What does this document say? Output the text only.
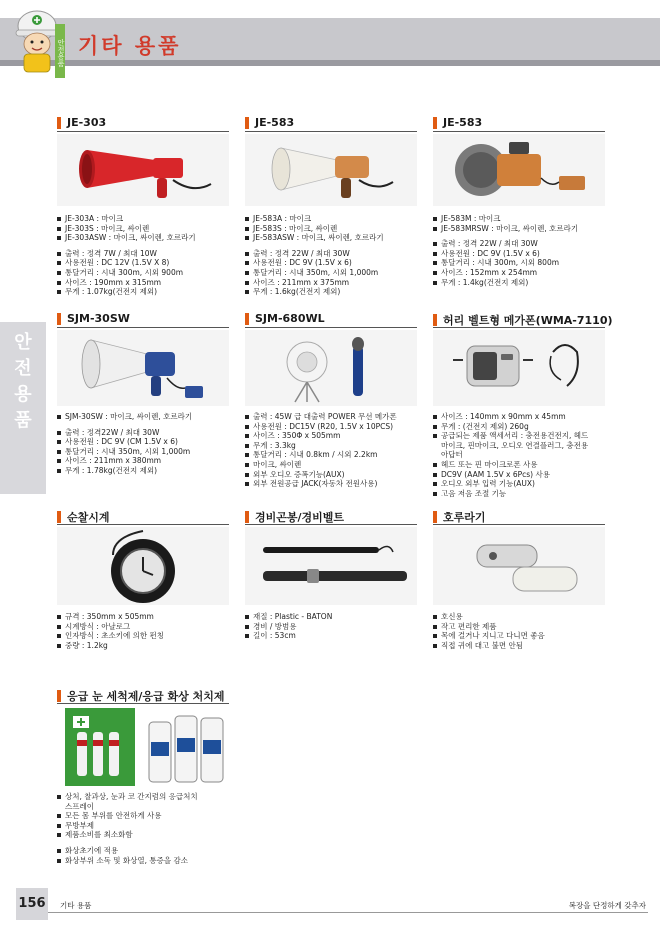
안전용품 기타 용품
안전용품
JE-303
JE-303A : 마이크
JE-303S : 마이크, 싸이렌
JE-303ASW : 마이크, 싸이렌, 호르라기
출력 : 정격 7W / 최대 10W
사용전원 : DC 12V (1.5V X 8)
통달거리 : 시내 300m, 시외 900m
사이즈 : 190mm x 315mm
무게 : 1.07kg(건전지 제외)
JE-583
JE-583A : 마이크
JE-583S : 마이크, 싸이렌
JE-583ASW : 마이크, 싸이렌, 호르라기
출력 : 정격 22W / 최대 30W
사용전원 : DC 9V (1.5V x 6)
통달거리 : 시내 350m, 시외 1,000m
사이즈 : 211mm x 375mm
무게 : 1.6kg(건전지 제외)
JE-583
JE-583M : 마이크
JE-583MRSW : 마이크, 싸이렌, 호르라기
출력 : 정격 22W / 최대 30W
사용전원 : DC 9V (1.5V x 6)
통달거리 : 시내 300m, 시외 800m
사이즈 : 152mm x 254mm
무게 : 1.4kg(건전지 제외)
SJM-30SW
SJM-30SW : 마이크, 싸이렌, 호르라기
출력 : 정격22W / 최대 30W
사용전원 : DC 9V (CM 1.5V x 6)
통달거리 : 시내 350m, 시외 1,000m
사이즈 : 211mm x 380mm
무게 : 1.78kg(건전지 제외)
SJM-680WL
출력 : 45W 급 대출력 POWER 무선 메가폰
사용전원 : DC15V (R20, 1.5V x 10PCS)
사이즈 : 350Φ x 505mm
무게 : 3.3kg
통달거리 : 시내 0.8km / 시외 2.2km
마이크, 싸이렌
외부 오디오 증폭기능(AUX)
외부 전원공급 JACK(자동차 전원사용)
허리 벨트형 메가폰(WMA-7110)
사이즈 : 140mm x 90mm x 45mm
무게 : (건전지 제외) 260g
공급되는 제품 액세서리 : 충전용건전지, 헤드
마이크, 핀마이크, 오디오 연결플러그, 충전용
아답터
헤드 또는 핀 마이크로폰 사용
DC9V (AAM 1.5V x 6Pcs) 사용
오디오 외부 입력 기능(AUX)
고음 저음 조절 기능
순찰시계
규격 : 350mm x 505mm
시계방식 : 아날로그
인자방식 : 초소키에 의한 펀칭
중량 : 1.2kg
경비곤봉/경비벨트
재질 : Plastic - BATON
경비 / 방범용
길이 : 53cm
호루라기
호신용
작고 편리한 제품
목에 걸거나 지니고 다니면 좋음
직접 귀에 대고 불면 안됨
응급 눈 세척제/응급 화상 처치제
상처, 찰과상, 눈과 코 간지럼의 응급처치
스프레이
모든 몸 부위를 안전하게 사용
무방부제
제품소비를 최소화함
화상초기에 적용
화상부위 소독 및 화상열, 통증을 감소
156	기타 용품	복장을 단정하게 갖추자
